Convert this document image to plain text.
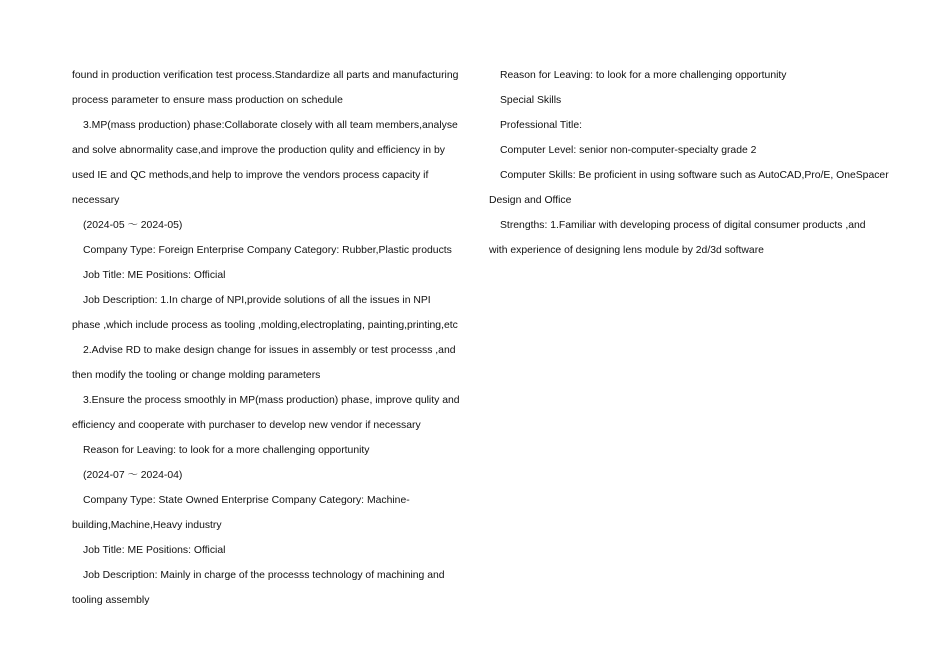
found in production verification test process.Standardize all parts and manufacturing

process parameter to ensure mass production on schedule

3.MP(mass production) phase:Collaborate closely with all team members,analyse

and solve abnormality case,and improve the production qulity and efficiency in by

used IE and QC methods,and help to improve the vendors process capacity if

necessary

(2024-05 ～ 2024-05)

Company Type: Foreign Enterprise Company Category: Rubber,Plastic products

Job Title: ME Positions: Official

Job Description: 1.In charge of NPI,provide solutions of all the issues in NPI

phase ,which include process as tooling ,molding,electroplating, painting,printing,etc

2.Advise RD to make design change for issues in assembly or test processs ,and

then modify the tooling or change molding parameters

3.Ensure the process smoothly in MP(mass production) phase, improve qulity and

efficiency and cooperate with purchaser to develop new vendor if necessary

Reason for Leaving: to look for a more challenging opportunity

(2024-07 ～ 2024-04)

Company Type: State Owned Enterprise Company Category: Machine-

building,Machine,Heavy industry

Job Title: ME Positions: Official

Job Description: Mainly in charge of the processs technology of machining and

tooling assembly

Reason for Leaving: to look for a more challenging opportunity

Special Skills

Professional Title:

Computer Level: senior non-computer-specialty grade 2

Computer Skills: Be proficient in using software such as AutoCAD,Pro/E, OneSpacer

Design and Office

Strengths: 1.Familiar with developing process of digital consumer products ,and

with experience of designing lens module by 2d/3d software
